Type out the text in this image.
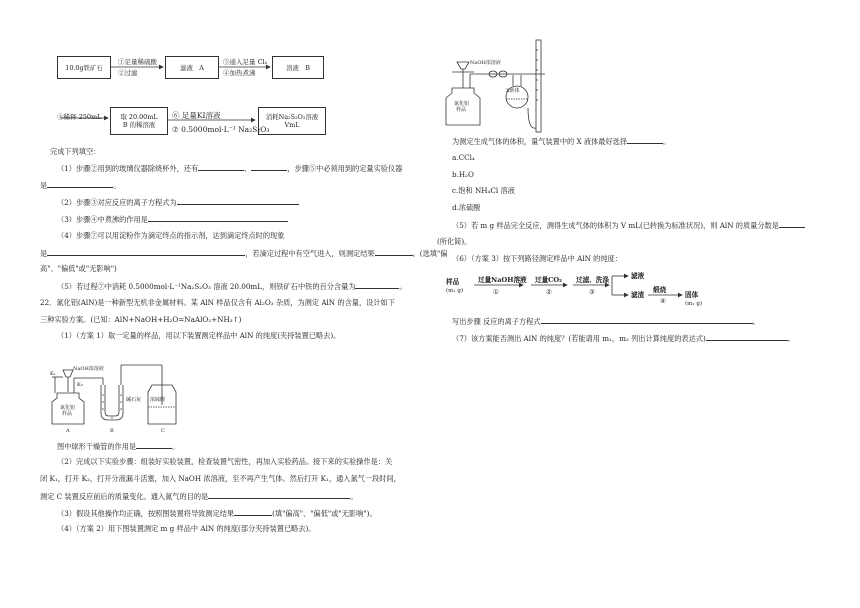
10.0g铁矿石
①足量稀硫酸
②过滤
滤液　A
③通入足量 Cl₂
④加热煮沸
溶液　B
⑤稀释 250mL	取 20.00mL
B 的稀溶液
⑥ 足量KI溶液
⑦ 0.5000mol·L⁻¹ Na₂S₂O₃
消耗Na₂S₂O₃溶液
VmL
完成下列填空：
（1）步骤②用到的玻璃仪器除烧杯外，还有	、	，步骤⑤中必须用到的定量实验仪器
是	。
（2）步骤③对应反应的离子方程式为
（3）步骤④中煮沸的作用是
（4）步骤⑦可以用淀粉作为滴定终点的指示剂，达到滴定终点时的现象
是	，若滴定过程中有空气进入，则测定结果	。(选填"偏
高"、"偏低"或"无影响")
（5）若过程⑦中消耗 0.5000mol·L⁻¹Na₂S₂O₃ 溶液 20.00mL，则铁矿石中铁的百分含量为	。
22．氮化铝(AlN)是一种新型无机非金属材料。某 AlN 样品仅含有 Al₂O₃ 杂质，为测定 AlN 的含量，设计如下
三种实验方案。(已知：AlN+NaOH+H₂O=NaAlO₂+NH₃↑)
（1）（方案 1）取一定量的样品，用以下装置测定样品中 AlN 的纯度(夹持装置已略去)。
K₁
NaOH浓溶液
K₂
氮化铝
样品
碱石灰 浓硫酸
A	B	C
图中球形干燥管的作用是	。
（2）完成以下实验步骤：组装好实验装置，检查装置气密性，再加入实验药品。接下来的实验操作是：关
闭 K₁，打开 K₂，打开分液漏斗活塞，加入 NaOH 浓溶液，至不再产生气体。然后打开 K₁，通入氮气一段时间，
测定 C 装置反应前后的质量变化。通入氮气的目的是	。
（3）假设其他操作均正确，按照图装置将导致测定结果	(填"偏高"、"偏低"或"无影响")。
（4）（方案 2）用下图装置测定 m g 样品中 AlN 的纯度(部分夹持装置已略去)。
NaOH浓溶液
X液体
氮化铝
样品
为测定生成气体的体积，量气装置中的 X 液体最好选择	。
a.CCl₄
b.H₂O
c.饱和 NH₄Cl 溶液
d.浓硫酸
（5）若 m g 样品完全反应，测得生成气体的体积为 V mL(已转换为标准状况)，则 AlN 的质量分数是
(所化简)。
（6）（方案 3）按下列路径测定样品中 AlN 的纯度：
样品
(m₁ g)
过量NaOH溶液
①
过量CO₂
②
过滤、洗涤
③
滤液
滤渣
煅烧
④
固体
(m₂ g)
写出步骤 反应的离子方程式	。
（7）该方案能否测出 AlN 的纯度？(若能请用 m₁，m₂ 列出计算纯度的表达式)	。
